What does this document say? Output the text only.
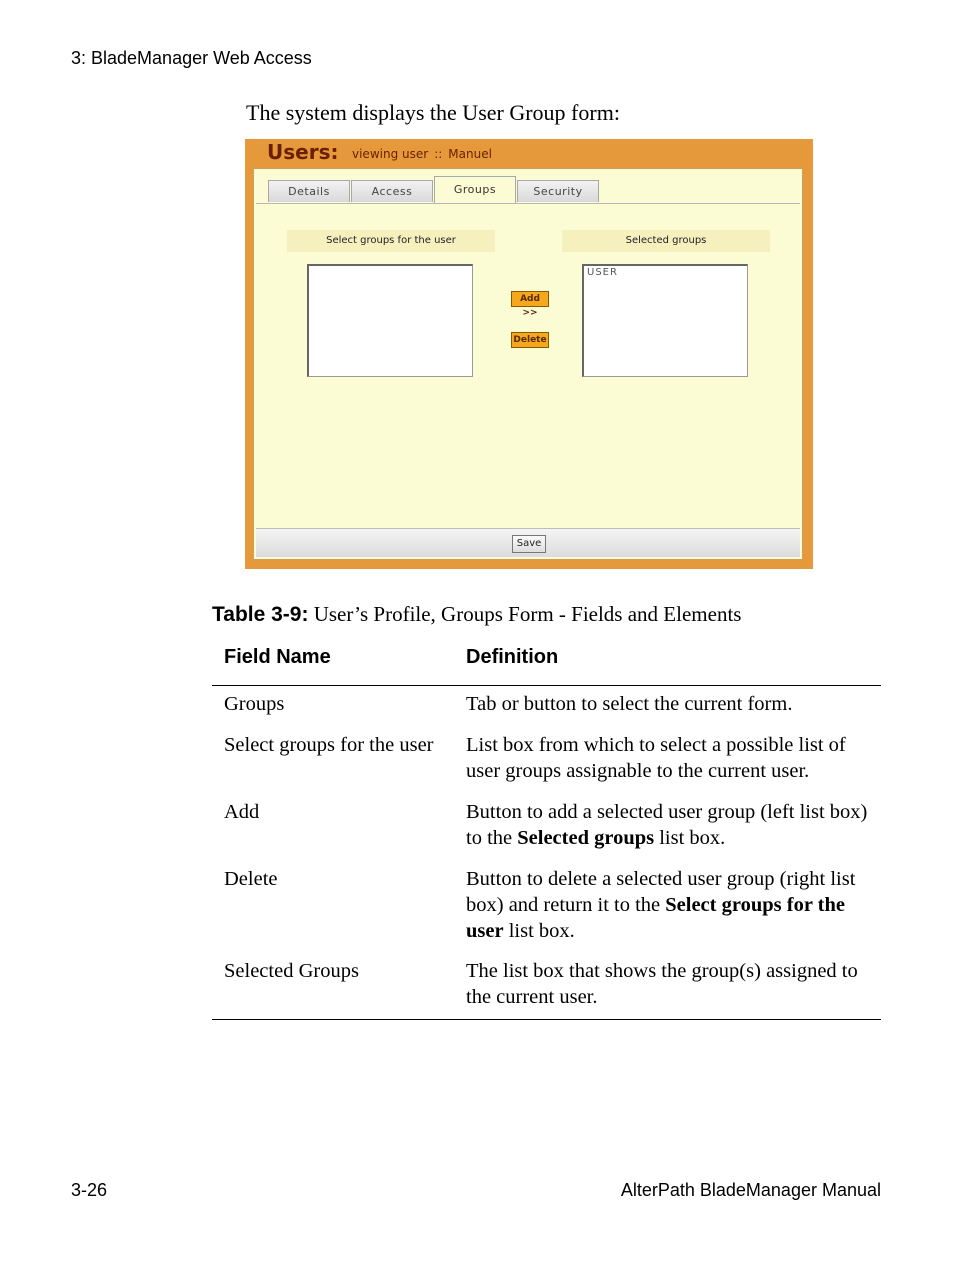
3: BladeManager Web Access
The system displays the User Group form:
Users: viewing user :: Manuel
Details	Access	Groups	Security
Select groups for the user	Selected groups
USER
Add >>
Delete
Save
Table 3-9: User’s Profile, Groups Form - Fields and Elements
Field Name	Definition
Groups	Tab or button to select the current form.
Select groups for the user	List box from which to select a possible list of user groups assignable to the current user.
Add	Button to add a selected user group (left list box) to the Selected groups list box.
Delete	Button to delete a selected user group (right list box) and return it to the Select groups for the user list box.
Selected Groups	The list box that shows the group(s) assigned to the current user.
3-26	AlterPath BladeManager Manual
